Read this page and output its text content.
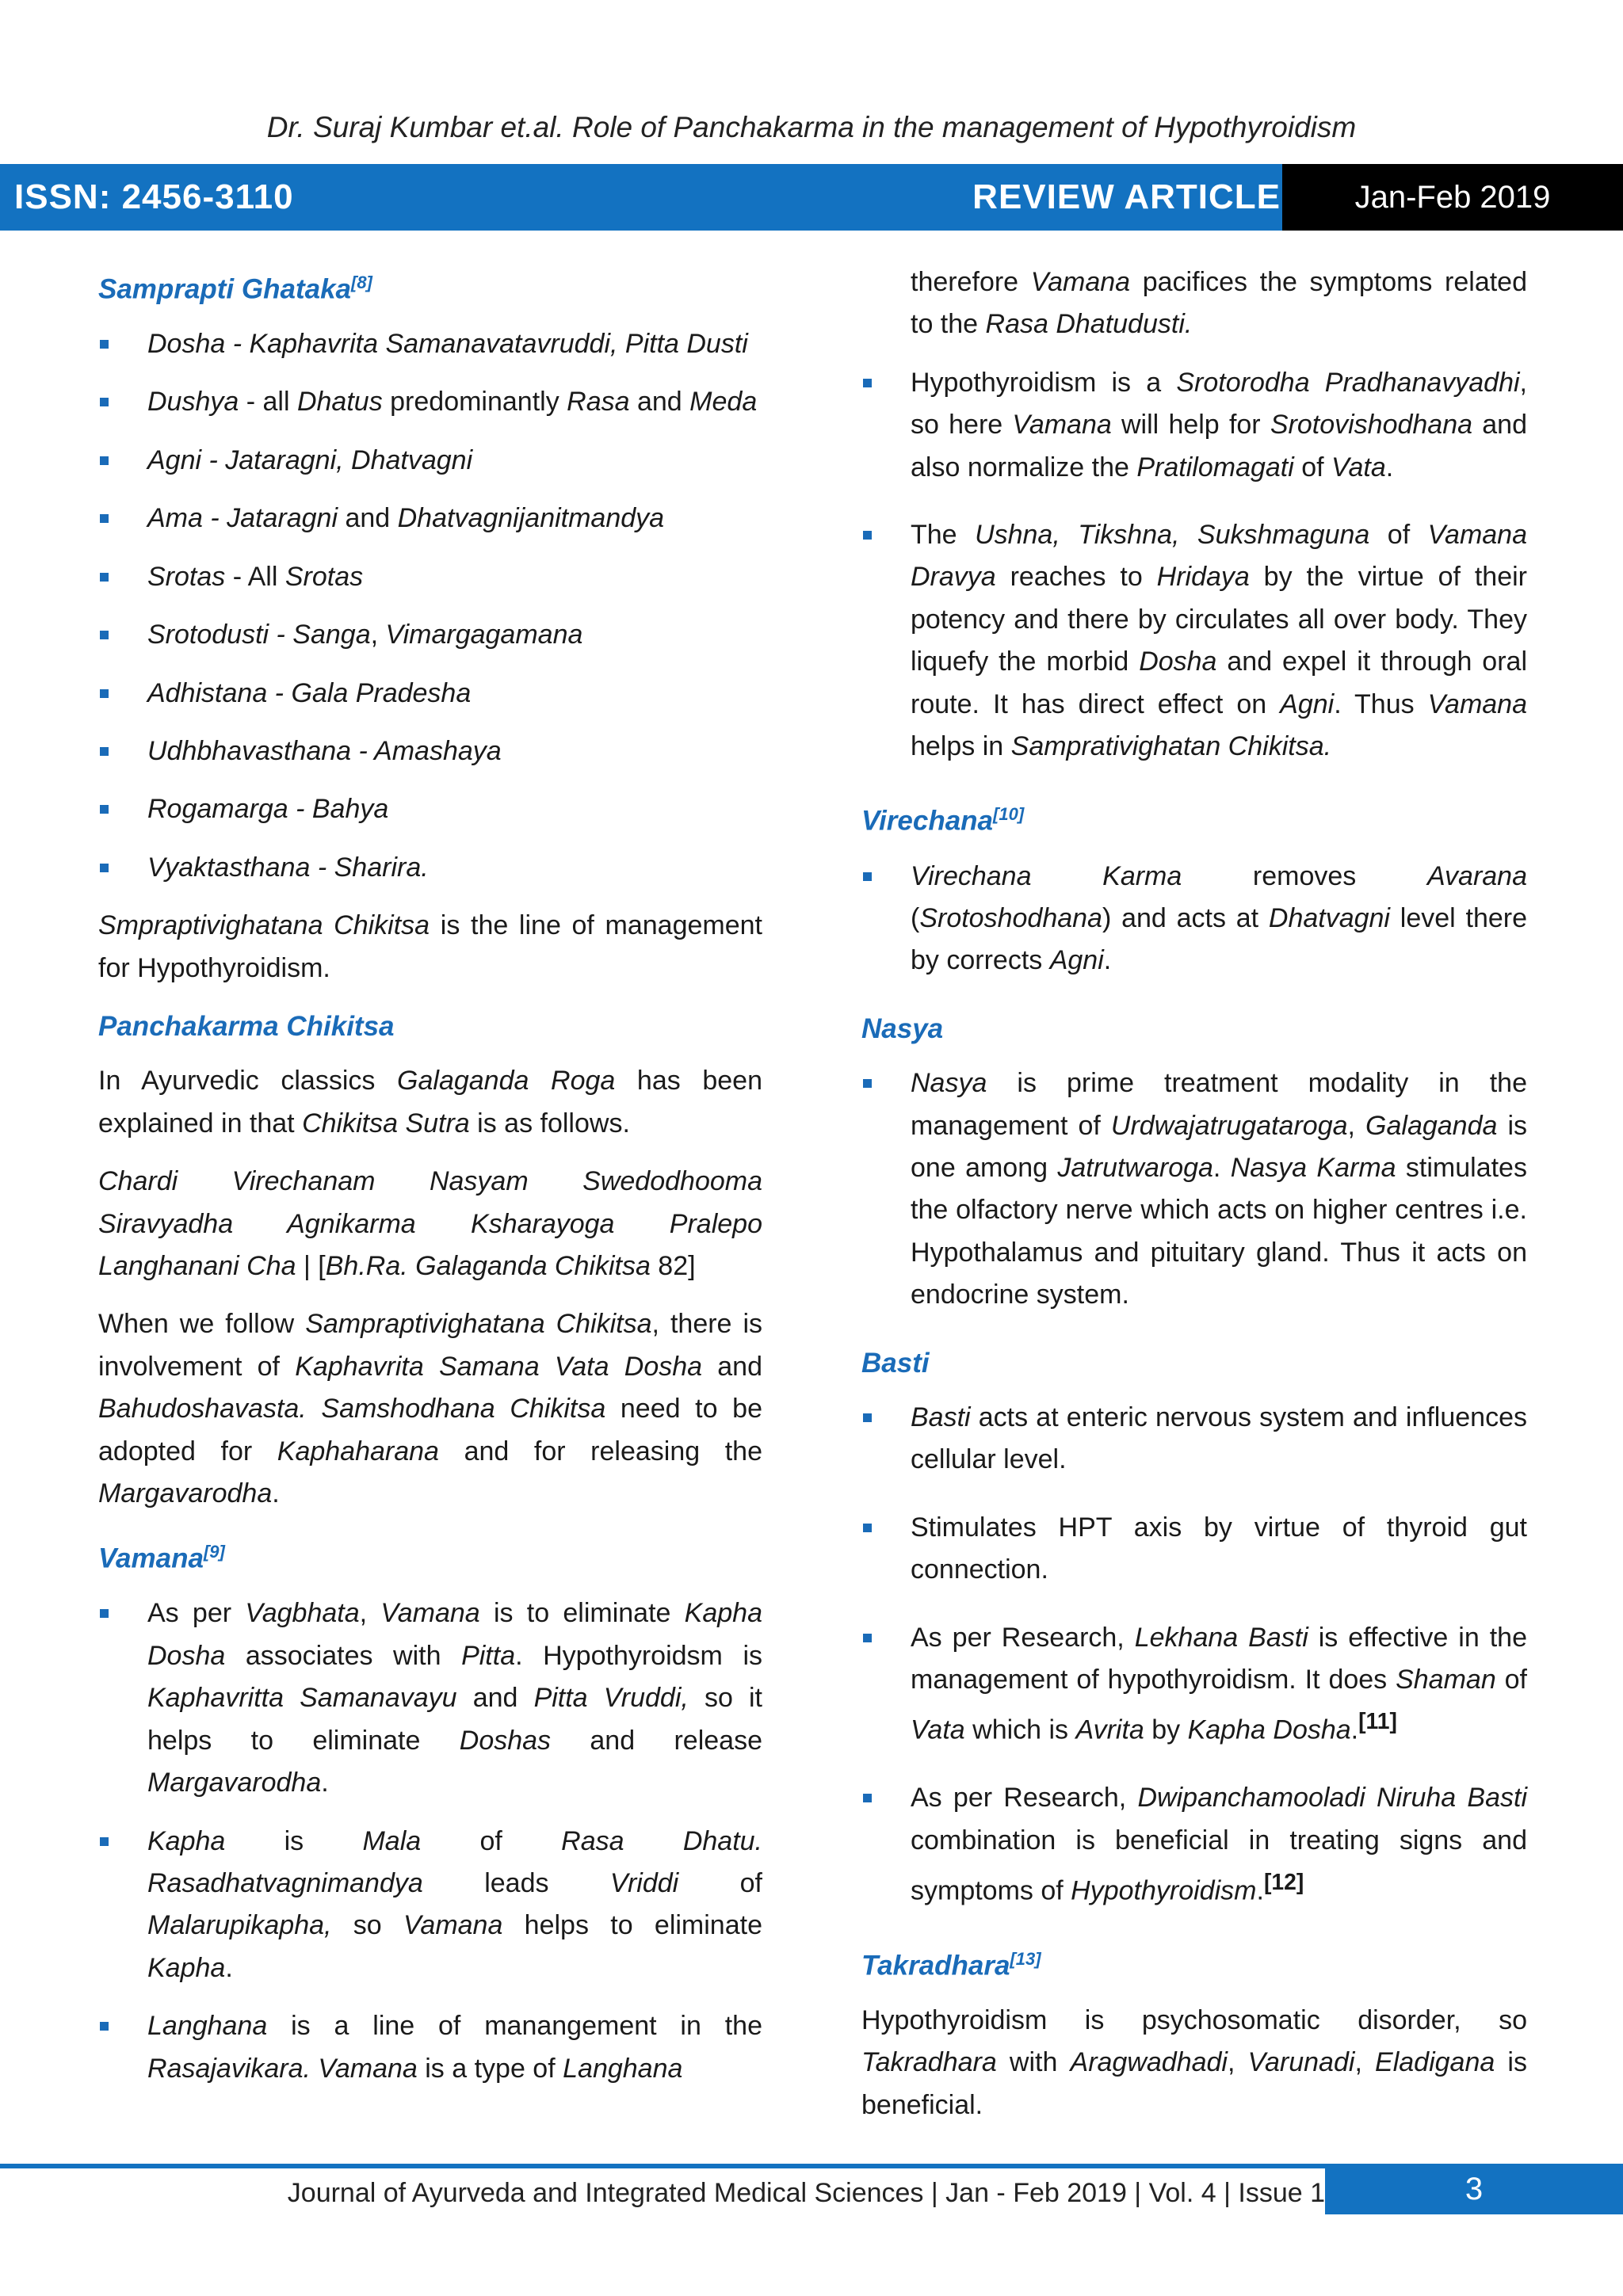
Dr. Suraj Kumbar et.al. Role of Panchakarma in the management of Hypothyroidism
ISSN: 2456-3110	REVIEW ARTICLE	Jan-Feb 2019
Samprapti Ghataka[8]
Dosha - Kaphavrita Samanavatavruddi, Pitta Dusti
Dushya - all Dhatus predominantly Rasa and Meda
Agni - Jataragni, Dhatvagni
Ama - Jataragni and Dhatvagnijanitmandya
Srotas - All Srotas
Srotodusti - Sanga, Vimargagamana
Adhistana - Gala Pradesha
Udhbhavasthana - Amashaya
Rogamarga - Bahya
Vyaktasthana - Sharira.

Smpraptivighatana Chikitsa is the line of management for Hypothyroidism.

Panchakarma Chikitsa

In Ayurvedic classics Galaganda Roga has been explained in that Chikitsa Sutra is as follows.

Chardi Virechanam Nasyam Swedodhooma Siravyadha Agnikarma Ksharayoga Pralepo Langhanani Cha | [Bh.Ra. Galaganda Chikitsa 82]

When we follow Sampraptivighatana Chikitsa, there is involvement of Kaphavrita Samana Vata Dosha and Bahudoshavasta. Samshodhana Chikitsa need to be adopted for Kaphaharana and for releasing the Margavarodha.

Vamana[9]
As per Vagbhata, Vamana is to eliminate Kapha Dosha associates with Pitta. Hypothyroidsm is Kaphavritta Samanavayu and Pitta Vruddi, so it helps to eliminate Doshas and release Margavarodha.
Kapha is Mala of Rasa Dhatu. Rasadhatvagnimandya leads Vriddi of Malarupikapha, so Vamana helps to eliminate Kapha.
Langhana is a line of manangement in the Rasajavikara. Vamana is a type of Langhana

therefore Vamana pacifices the symptoms related to the Rasa Dhatudusti.

Hypothyroidism is a Srotorodha Pradhanavyadhi, so here Vamana will help for Srotovishodhana and also normalize the Pratilomagati of Vata.
The Ushna, Tikshna, Sukshmaguna of Vamana Dravya reaches to Hridaya by the virtue of their potency and there by circulates all over body. They liquefy the morbid Dosha and expel it through oral route. It has direct effect on Agni. Thus Vamana helps in Samprativighatan Chikitsa.
Virechana[10]
Virechana Karma removes Avarana (Srotoshodhana) and acts at Dhatvagni level there by corrects Agni.
Nasya
Nasya is prime treatment modality in the management of Urdwajatrugataroga, Galaganda is one among Jatrutwaroga. Nasya Karma stimulates the olfactory nerve which acts on higher centres i.e. Hypothalamus and pituitary gland. Thus it acts on endocrine system.
Basti
Basti acts at enteric nervous system and influences cellular level.
Stimulates HPT axis by virtue of thyroid gut connection.
As per Research, Lekhana Basti is effective in the management of hypothyroidism. It does Shaman of Vata which is Avrita by Kapha Dosha.[11]
As per Research, Dwipanchamooladi Niruha Basti combination is beneficial in treating signs and symptoms of Hypothyroidism.[12]
Takradhara[13]

Hypothyroidism is psychosomatic disorder, so Takradhara with Aragwadhadi, Varunadi, Eladigana is beneficial.

Journal of Ayurveda and Integrated Medical Sciences | Jan - Feb 2019 | Vol. 4 | Issue 1	3
